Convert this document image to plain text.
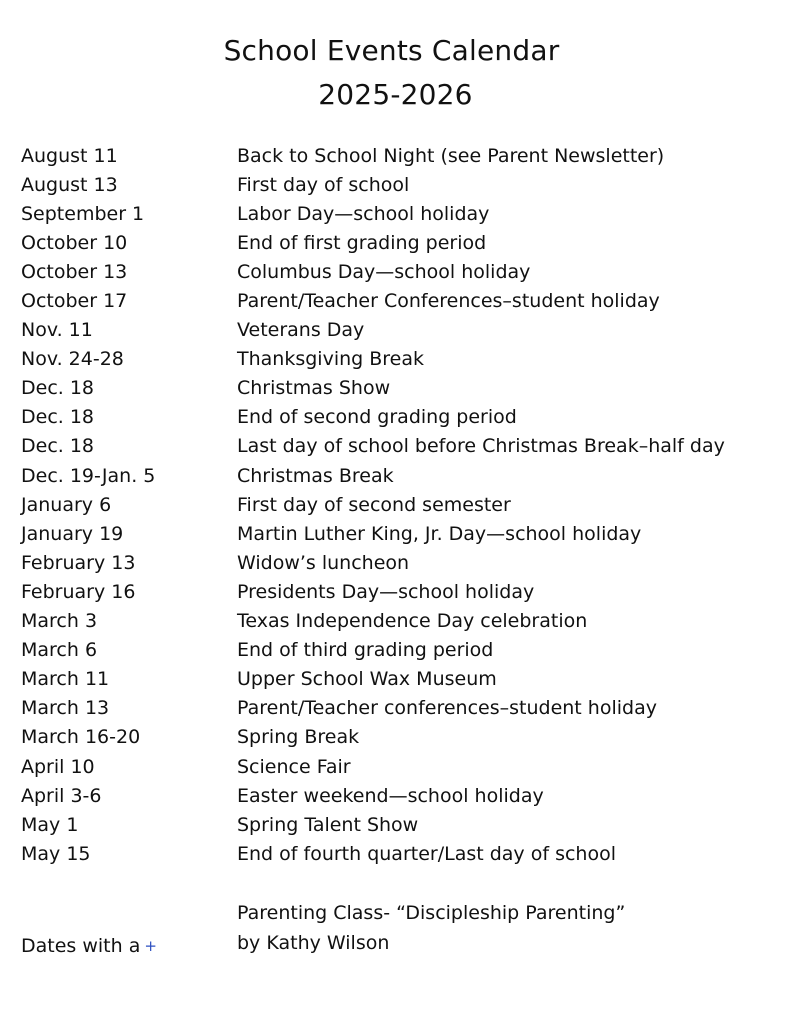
School Events Calendar
2025-2026
August 11	Back to School Night (see Parent Newsletter)
August 13	First day of school
September 1	Labor Day—school holiday
October 10	End of first grading period
October 13	Columbus Day—school holiday
October 17	Parent/Teacher Conferences–student holiday
Nov. 11	Veterans Day
Nov. 24-28	Thanksgiving Break
Dec. 18	Christmas Show
Dec. 18	End of second grading period
Dec. 18	Last day of school before Christmas Break–half day
Dec. 19-Jan. 5	Christmas Break
January 6	First day of second semester
January 19	Martin Luther King, Jr. Day—school holiday
February 13	Widow’s luncheon
February 16	Presidents Day—school holiday
March 3	Texas Independence Day celebration
March 6	End of third grading period
March 11	Upper School Wax Museum
March 13	Parent/Teacher conferences–student holiday
March 16-20	Spring Break
April 10	Science Fair
April 3-6	Easter weekend—school holiday
May 1	Spring Talent Show
May 15	End of fourth quarter/Last day of school
Parenting Class- “Discipleship Parenting”
by Kathy Wilson
Dates with a +
